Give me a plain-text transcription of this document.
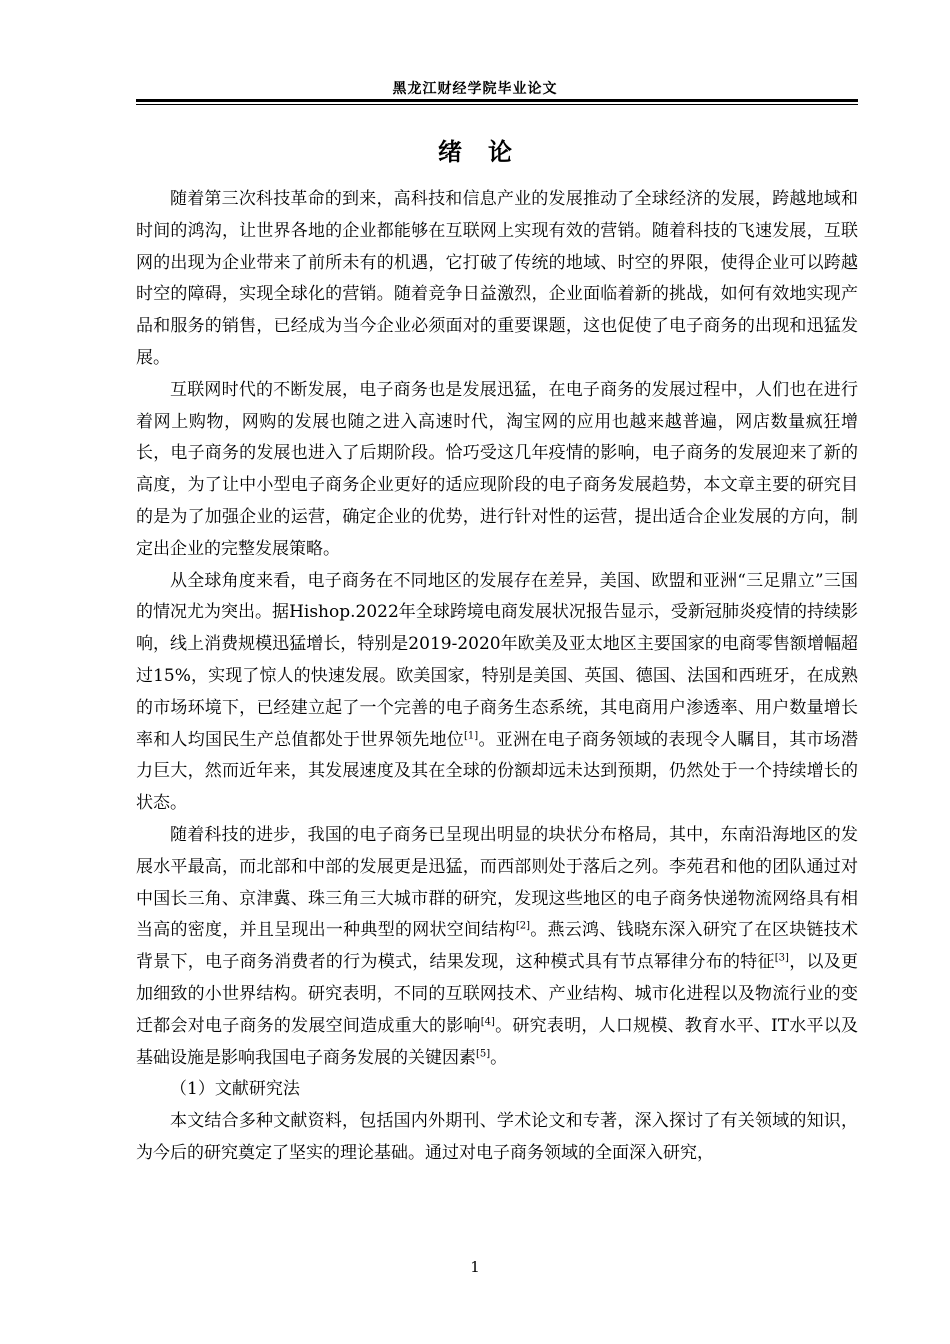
黑龙江财经学院毕业论文
绪论

随着第三次科技革命的到来，高科技和信息产业的发展推动了全球经济的发展，跨越地域和时间的鸿沟，让世界各地的企业都能够在互联网上实现有效的营销。随着科技的飞速发展，互联网的出现为企业带来了前所未有的机遇，它打破了传统的地域、时空的界限，使得企业可以跨越时空的障碍，实现全球化的营销。随着竞争日益激烈，企业面临着新的挑战，如何有效地实现产品和服务的销售，已经成为当今企业必须面对的重要课题，这也促使了电子商务的出现和迅猛发展。

互联网时代的不断发展，电子商务也是发展迅猛，在电子商务的发展过程中，人们也在进行着网上购物，网购的发展也随之进入高速时代，淘宝网的应用也越来越普遍，网店数量疯狂增长，电子商务的发展也进入了后期阶段。恰巧受这几年疫情的影响，电子商务的发展迎来了新的高度，为了让中小型电子商务企业更好的适应现阶段的电子商务发展趋势，本文章主要的研究目的是为了加强企业的运营，确定企业的优势，进行针对性的运营，提出适合企业发展的方向，制定出企业的完整发展策略。

从全球角度来看，电子商务在不同地区的发展存在差异，美国、欧盟和亚洲“三足鼎立”三国的情况尤为突出。据Hishop.2022年全球跨境电商发展状况报告显示，受新冠肺炎疫情的持续影响，线上消费规模迅猛增长，特别是2019-2020年欧美及亚太地区主要国家的电商零售额增幅超过15%，实现了惊人的快速发展。欧美国家，特别是美国、英国、德国、法国和西班牙，在成熟的市场环境下，已经建立起了一个完善的电子商务生态系统，其电商用户渗透率、用户数量增长率和人均国民生产总值都处于世界领先地位[1]。亚洲在电子商务领域的表现令人瞩目，其市场潜力巨大，然而近年来，其发展速度及其在全球的份额却远未达到预期，仍然处于一个持续增长的状态。

随着科技的进步，我国的电子商务已呈现出明显的块状分布格局，其中，东南沿海地区的发展水平最高，而北部和中部的发展更是迅猛，而西部则处于落后之列。李苑君和他的团队通过对中国长三角、京津冀、珠三角三大城市群的研究，发现这些地区的电子商务快递物流网络具有相当高的密度，并且呈现出一种典型的网状空间结构[2]。燕云鸿、钱晓东深入研究了在区块链技术背景下，电子商务消费者的行为模式，结果发现，这种模式具有节点幂律分布的特征[3]，以及更加细致的小世界结构。研究表明，不同的互联网技术、产业结构、城市化进程以及物流行业的变迁都会对电子商务的发展空间造成重大的影响[4]。研究表明，人口规模、教育水平、IT水平以及基础设施是影响我国电子商务发展的关键因素[5]。

（1）文献研究法

本文结合多种文献资料，包括国内外期刊、学术论文和专著，深入探讨了有关领域的知识，为今后的研究奠定了坚实的理论基础。通过对电子商务领域的全面深入研究，

1
